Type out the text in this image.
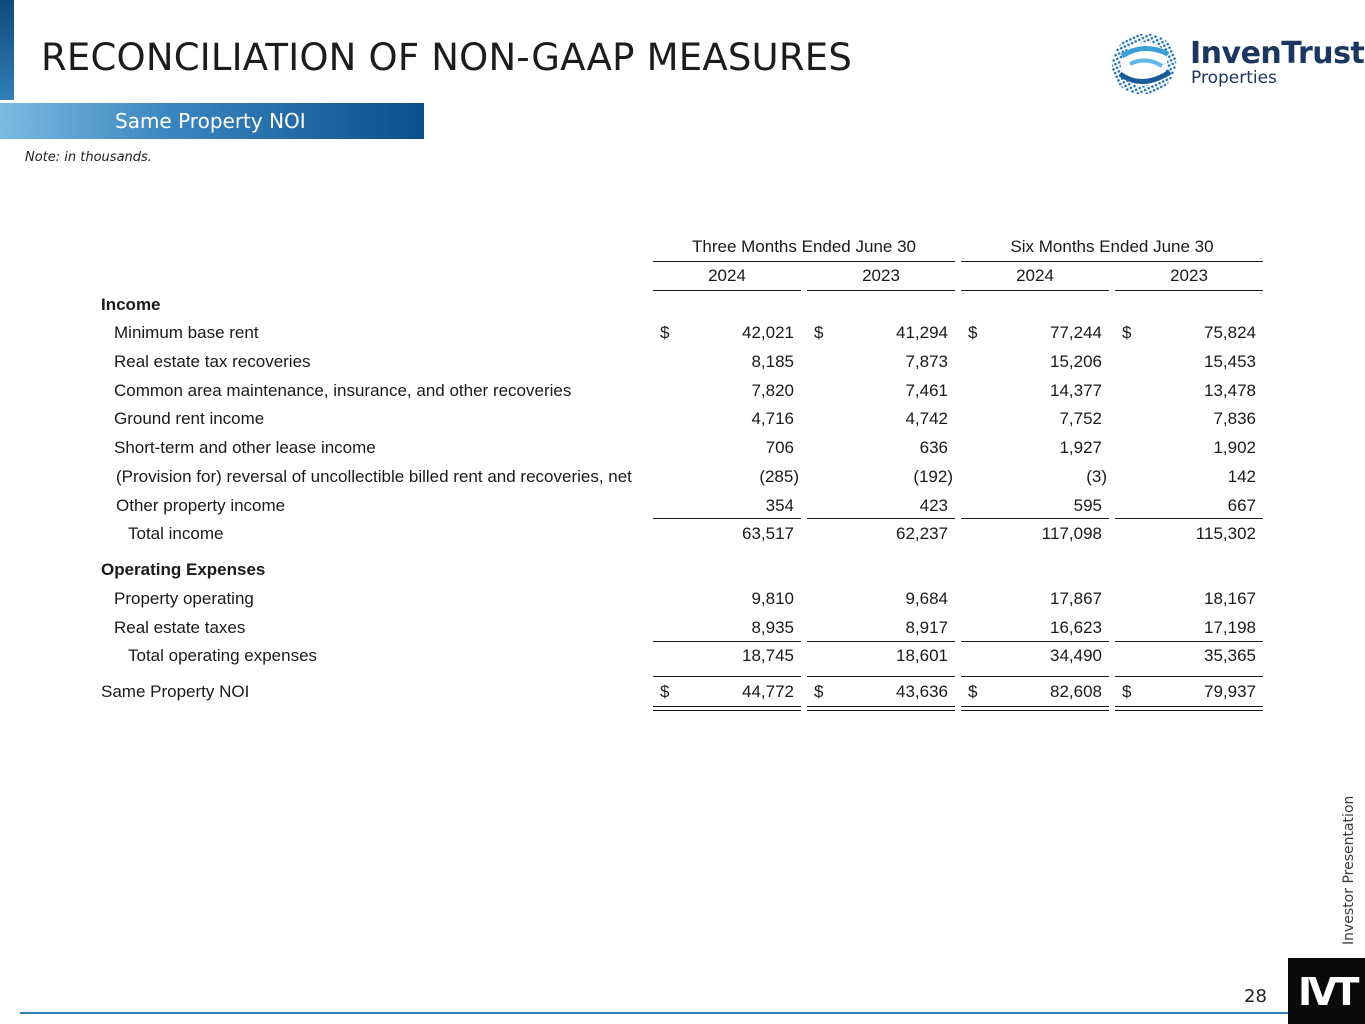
RECONCILIATION OF NON-GAAP MEASURES
Same Property NOI
Note: in thousands.
InvenTrust
Properties
Three Months Ended June 30	Six Months Ended June 30
2024	2023	2024	2023
Income
Minimum base rent	$	42,021 $	41,294 $	77,244 $	75,824
Real estate tax recoveries	8,185	7,873	15,206	15,453
Common area maintenance, insurance, and other recoveries	7,820	7,461	14,377	13,478
Ground rent income	4,716	4,742	7,752	7,836
Short-term and other lease income	706	636	1,927	1,902
(Provision for) reversal of uncollectible billed rent and recoveries, net	(285)	(192)	(3)	142
Other property income	354	423	595	667
Total income	63,517	62,237	117,098	115,302
Operating Expenses
Property operating	9,810	9,684	17,867	18,167
Real estate taxes	8,935	8,917	16,623	17,198
Total operating expenses	18,745	18,601	34,490	35,365
Same Property NOI	$	44,772 $	43,636 $	82,608 $	79,937
Investor Presentation
28 IVT
